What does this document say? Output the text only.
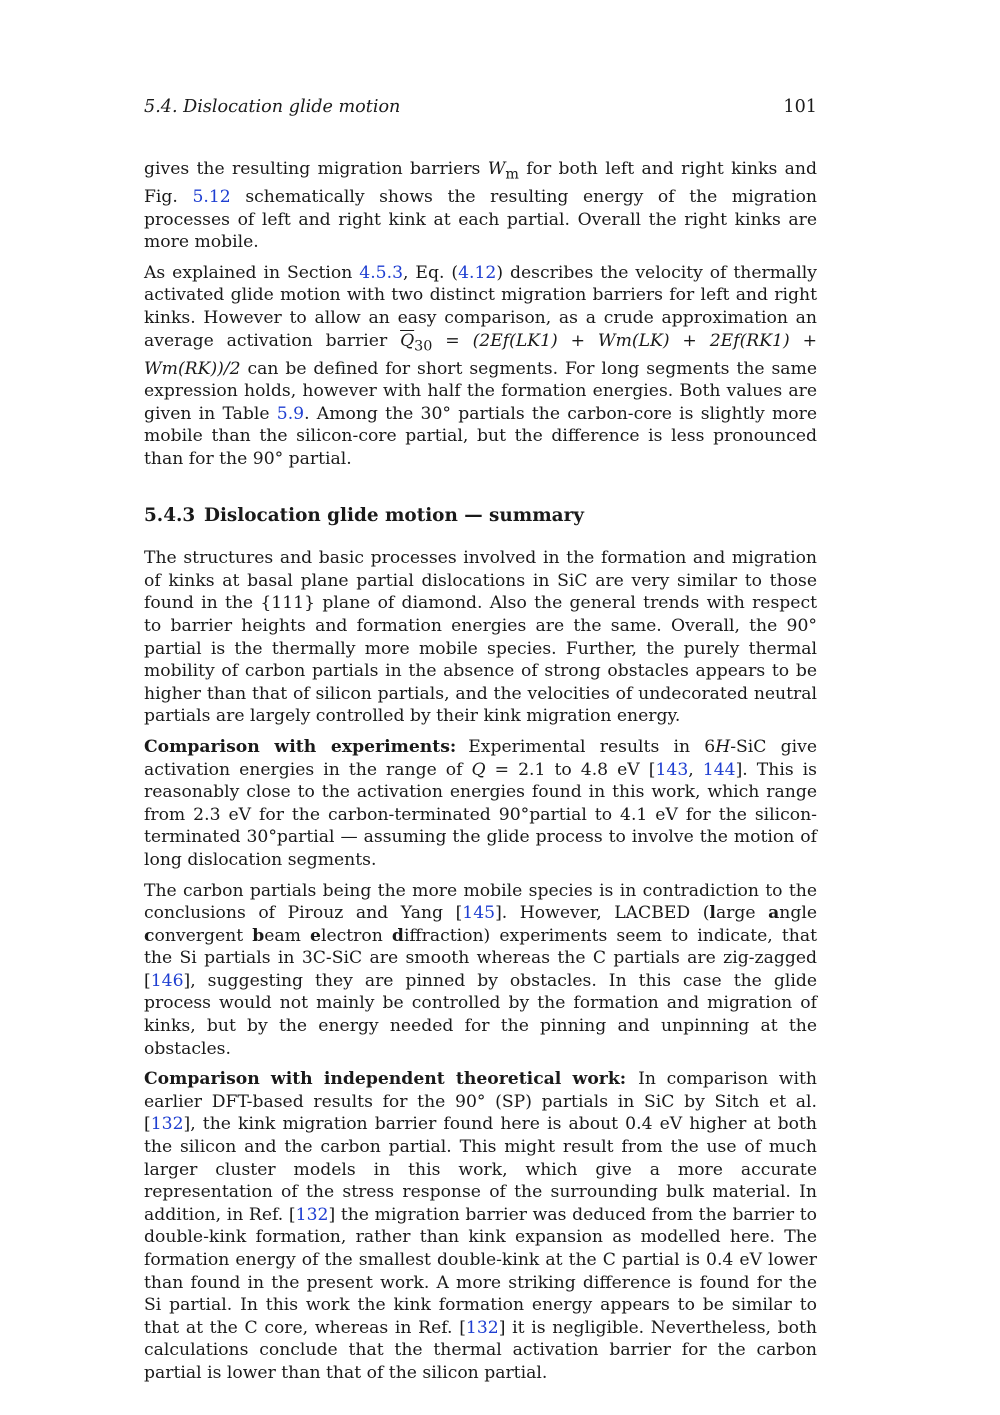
5.4. Dislocation glide motion	101

gives the resulting migration barriers $W_m$ for both left and right kinks and Fig. 5.12 schematically shows the resulting energy of the migration processes of left and right kink at each partial. Overall the right kinks are more mobile.

As explained in Section 4.5.3, Eq. (4.12) describes the velocity of thermally activated glide motion with two distinct migration barriers for left and right kinks. However to allow an easy comparison, as a crude approximation an average activation barrier $\overline{Q}_{30} = (2Ef(LK1) + Wm(LK) + 2Ef(RK1) + Wm(RK))/2$ can be defined for short segments. For long segments the same expression holds, however with half the formation energies. Both values are given in Table 5.9. Among the 30° partials the carbon-core is slightly more mobile than the silicon-core partial, but the difference is less pronounced than for the 90° partial.

5.4.3 Dislocation glide motion — summary

The structures and basic processes involved in the formation and migration of kinks at basal plane partial dislocations in SiC are very similar to those found in the {111} plane of diamond. Also the general trends with respect to barrier heights and formation energies are the same. Overall, the 90° partial is the thermally more mobile species. Further, the purely thermal mobility of carbon partials in the absence of strong obstacles appears to be higher than that of silicon partials, and the velocities of undecorated neutral partials are largely controlled by their kink migration energy.

Comparison with experiments: Experimental results in 6H-SiC give activation energies in the range of Q = 2.1 to 4.8 eV [143, 144]. This is reasonably close to the activation energies found in this work, which range from 2.3 eV for the carbon-terminated 90°partial to 4.1 eV for the silicon-terminated 30°partial — assuming the glide process to involve the motion of long dislocation segments.

The carbon partials being the more mobile species is in contradiction to the conclusions of Pirouz and Yang [145]. However, LACBED (large angle convergent beam electron diffraction) experiments seem to indicate, that the Si partials in 3C-SiC are smooth whereas the C partials are zig-zagged [146], suggesting they are pinned by obstacles. In this case the glide process would not mainly be controlled by the formation and migration of kinks, but by the energy needed for the pinning and unpinning at the obstacles.

Comparison with independent theoretical work: In comparison with earlier DFT-based results for the 90° (SP) partials in SiC by Sitch et al. [132], the kink migration barrier found here is about 0.4 eV higher at both the silicon and the carbon partial. This might result from the use of much larger cluster models in this work, which give a more accurate representation of the stress response of the surrounding bulk material. In addition, in Ref. [132] the migration barrier was deduced from the barrier to double-kink formation, rather than kink expansion as modelled here. The formation energy of the smallest double-kink at the C partial is 0.4 eV lower than found in the present work. A more striking difference is found for the Si partial. In this work the kink formation energy appears to be similar to that at the C core, whereas in Ref. [132] it is negligible. Nevertheless, both calculations conclude that the thermal activation barrier for the carbon partial is lower than that of the silicon partial.
